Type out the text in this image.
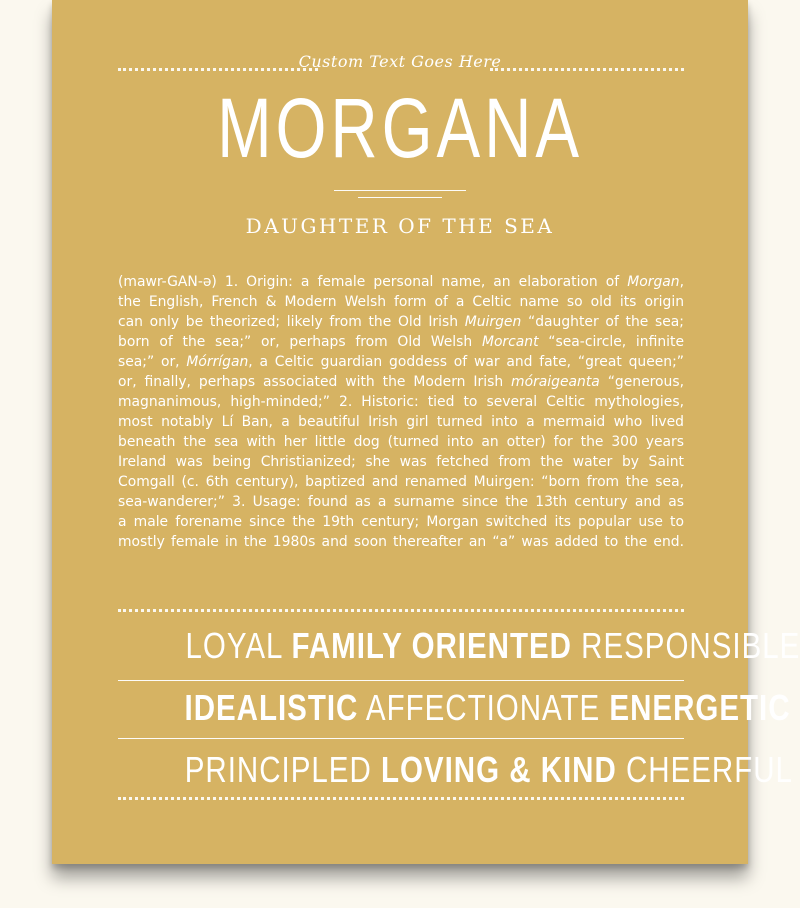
Custom Text Goes Here
MORGANA
DAUGHTER OF THE SEA
(mawr-GAN-ə) 1. Origin: a female personal name, an elaboration of Morgan,
the English, French & Modern Welsh form of a Celtic name so old its origin
can only be theorized; likely from the Old Irish Muirgen “daughter of the sea;
born of the sea;” or, perhaps from Old Welsh Morcant “sea-circle, infinite
sea;” or, Mórrígan, a Celtic guardian goddess of war and fate, “great queen;”
or, finally, perhaps associated with the Modern Irish móraigeanta “generous,
magnanimous, high-minded;” 2. Historic: tied to several Celtic mythologies,
most notably Lí Ban, a beautiful Irish girl turned into a mermaid who lived
beneath the sea with her little dog (turned into an otter) for the 300 years
Ireland was being Christianized; she was fetched from the water by Saint
Comgall (c. 6th century), baptized and renamed Muirgen: “born from the sea,
sea-wanderer;” 3. Usage: found as a surname since the 13th century and as
a male forename since the 19th century; Morgan switched its popular use to
mostly female in the 1980s and soon thereafter an “a” was added to the end.
LOYAL FAMILY ORIENTED RESPONSIBLE
IDEALISTIC AFFECTIONATE ENERGETIC
PRINCIPLED LOVING & KIND CHEERFUL
